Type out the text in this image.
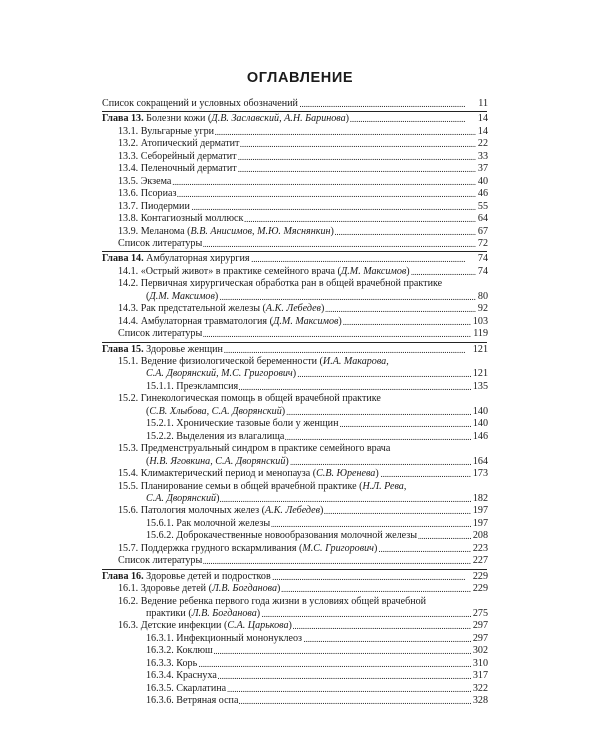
ОГЛАВЛЕНИЕ
Список сокращений и условных обозначений . . .	11
Глава 13. Болезни кожи (Д.В. Заславский, А.Н. Баринова) . . .	14
13.1. Вульгарные угри . . .	14
13.2. Атопический дерматит . . .	22
13.3. Себорейный дерматит . . .	33
13.4. Пеленочный дерматит . . .	37
13.5. Экзема . . .	40
13.6. Псориаз . . .	46
13.7. Пиодермии . . .	55
13.8. Контагиозный моллюск . . .	64
13.9. Меланома (В.В. Анисимов, М.Ю. Мяснянкин) . . .	67
Список литературы . . .	72
Глава 14. Амбулаторная хирургия . . .	74
14.1. «Острый живот» в практике семейного врача (Д.М. Максимов) . . .	74
14.2. Первичная хирургическая обработка ран в общей врачебной практике
(Д.М. Максимов) . . .	80
14.3. Рак предстательной железы (А.К. Лебедев) . . .	92
14.4. Амбулаторная травматология (Д.М. Максимов) . . .	103
Список литературы . . .	119
Глава 15. Здоровье женщин . . .	121
15.1. Ведение физиологической беременности (И.А. Макарова,
С.А. Дворянский, М.С. Григорович) . . .	121
15.1.1. Преэклампсия . . .	135
15.2. Гинекологическая помощь в общей врачебной практике
(С.В. Хлыбова, С.А. Дворянский) . . .	140
15.2.1. Хронические тазовые боли у женщин . . .	140
15.2.2. Выделения из влагалища . . .	146
15.3. Предменструальный синдром в практике семейного врача
(Н.В. Яговкина, С.А. Дворянский) . . .	164
15.4. Климактерический период и менопауза (С.В. Юренева) . . .	173
15.5. Планирование семьи в общей врачебной практике (Н.Л. Рева,
С.А. Дворянский) . . .	182
15.6. Патология молочных желез (А.К. Лебедев) . . .	197
15.6.1. Рак молочной железы . . .	197
15.6.2. Доброкачественные новообразования молочной железы . . .	208
15.7. Поддержка грудного вскармливания (М.С. Григорович) . . .	223
Список литературы . . .	227
Глава 16. Здоровье детей и подростков . . .	229
16.1. Здоровье детей (Л.В. Богданова) . . .	229
16.2. Ведение ребенка первого года жизни в условиях общей врачебной
практики (Л.В. Богданова) . . .	275
16.3. Детские инфекции (С.А. Царькова) . . .	297
16.3.1. Инфекционный мононуклеоз . . .	297
16.3.2. Коклюш . . .	302
16.3.3. Корь . . .	310
16.3.4. Краснуха . . .	317
16.3.5. Скарлатина . . .	322
16.3.6. Ветряная оспа . . .	328
